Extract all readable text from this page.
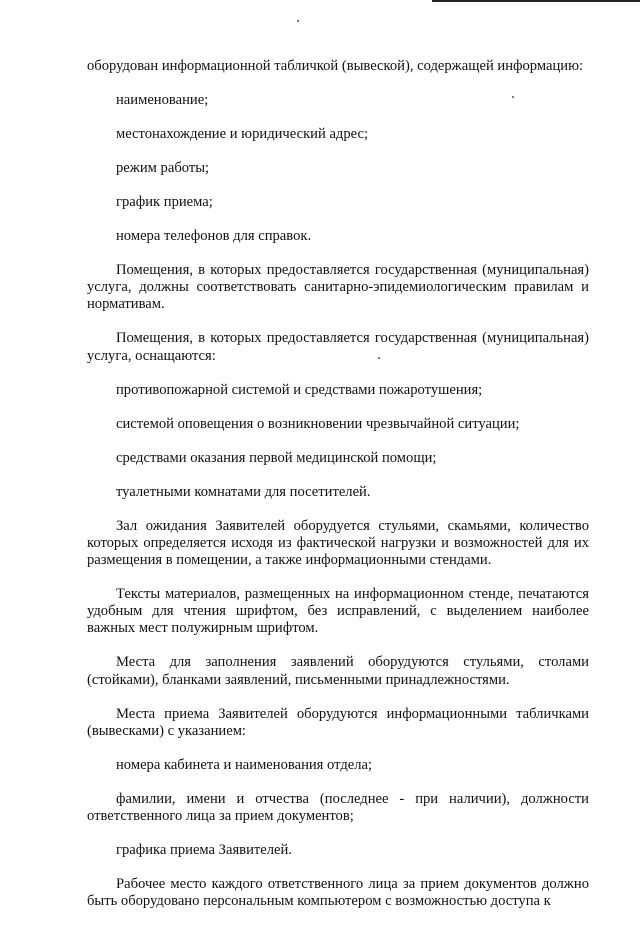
оборудован информационной табличкой (вывеской), содержащей информацию:

наименование;

местонахождение и юридический адрес;

режим работы;

график приема;

номера телефонов для справок.

Помещения, в которых предоставляется государственная (муниципальная) услуга, должны соответствовать санитарно-эпидемиологическим правилам и нормативам.

Помещения, в которых предоставляется государственная (муниципальная) услуга, оснащаются:

противопожарной системой и средствами пожаротушения;

системой оповещения о возникновении чрезвычайной ситуации;

средствами оказания первой медицинской помощи;

туалетными комнатами для посетителей.

Зал ожидания Заявителей оборудуется стульями, скамьями, количество которых определяется исходя из фактической нагрузки и возможностей для их размещения в помещении, а также информационными стендами.

Тексты материалов, размещенных на информационном стенде, печатаются удобным для чтения шрифтом, без исправлений, с выделением наиболее важных мест полужирным шрифтом.

Места для заполнения заявлений оборудуются стульями, столами (стойками), бланками заявлений, письменными принадлежностями.

Места приема Заявителей оборудуются информационными табличками (вывесками) с указанием:

номера кабинета и наименования отдела;

фамилии, имени и отчества (последнее - при наличии), должности ответственного лица за прием документов;

графика приема Заявителей.

Рабочее место каждого ответственного лица за прием документов должно быть оборудовано персональным компьютером с возможностью доступа к
